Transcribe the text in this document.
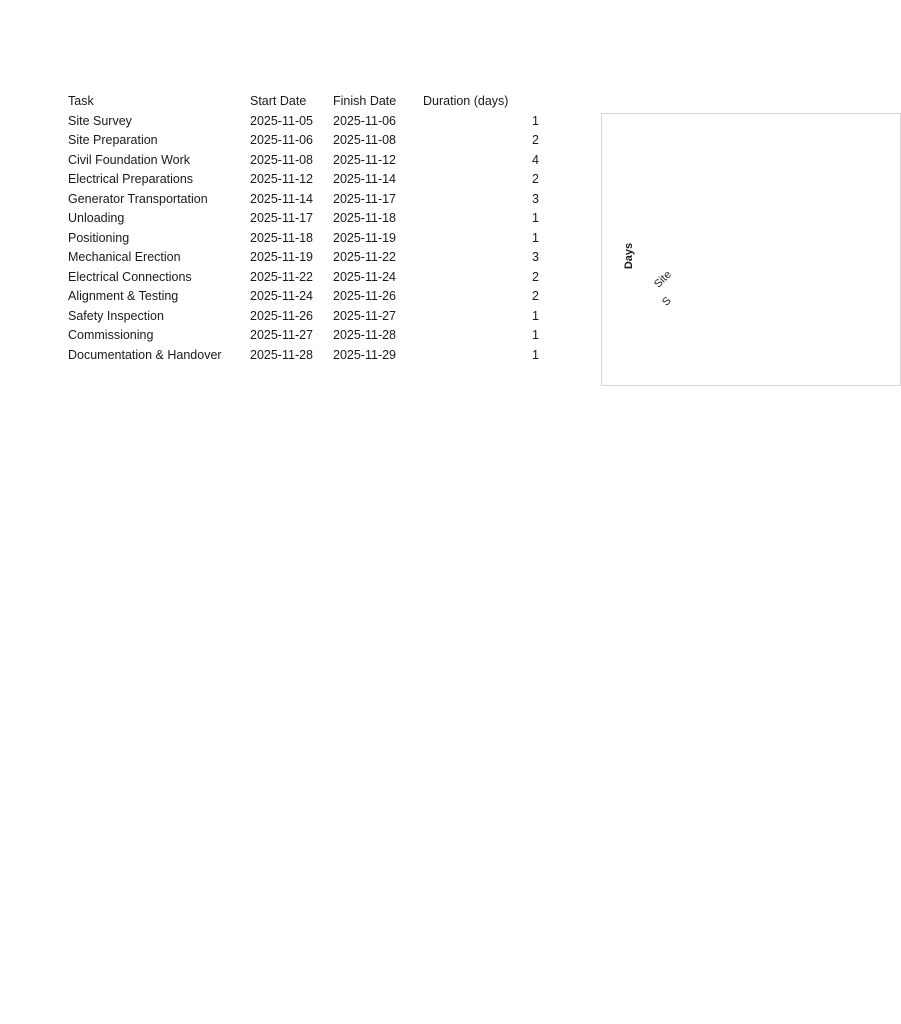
Task	Start Date	Finish Date	Duration (days)
Site Survey	2025-11-05	2025-11-06	1
Site Preparation	2025-11-06	2025-11-08	2
Civil Foundation Work	2025-11-08	2025-11-12	4
Electrical Preparations	2025-11-12	2025-11-14	2
Generator Transportation	2025-11-14	2025-11-17	3
Unloading	2025-11-17	2025-11-18	1
Positioning	2025-11-18	2025-11-19	1
Mechanical Erection	2025-11-19	2025-11-22	3
Electrical Connections	2025-11-22	2025-11-24	2
Alignment & Testing	2025-11-24	2025-11-26	2
Safety Inspection	2025-11-26	2025-11-27	1
Commissioning	2025-11-27	2025-11-28	1
Documentation & Handover	2025-11-28	2025-11-29	1
Days
Site
S
